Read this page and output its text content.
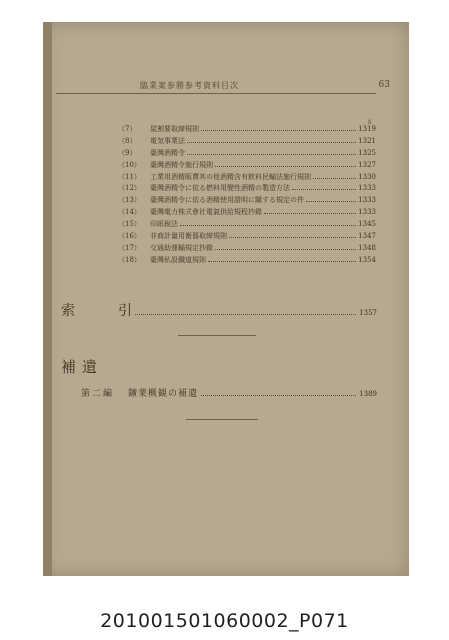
臨業案参勝参考資料目次	63
頁
（7）	屋割要取締規則	1319
（8）	電気事業法	1321
（9）	臺灣酒精令	1325
（10）	臺灣酒精令施行規則	1327
（11）	工業用酒精販賣其の他酒精含有飲料民輸法施行規則	1330
（12）	臺灣酒精令に依る燃料用變性酒精の製造方法	1333
（13）	臺灣酒精令に依る酒精使用證明に關する規定の件	1333
（14）	臺灣電力株式會社電氣供給規程抄錄	1333
（15）	印紙稅法	1345
（16）	非商計量用衡器取締規則	1347
（17）	交通助運輸規定抄錄	1348
（18）	臺灣私設鐵道規則	1354
索	引	1357
補遺
第二編 鑛業概観の補遺	1389
201001501060002_P071
